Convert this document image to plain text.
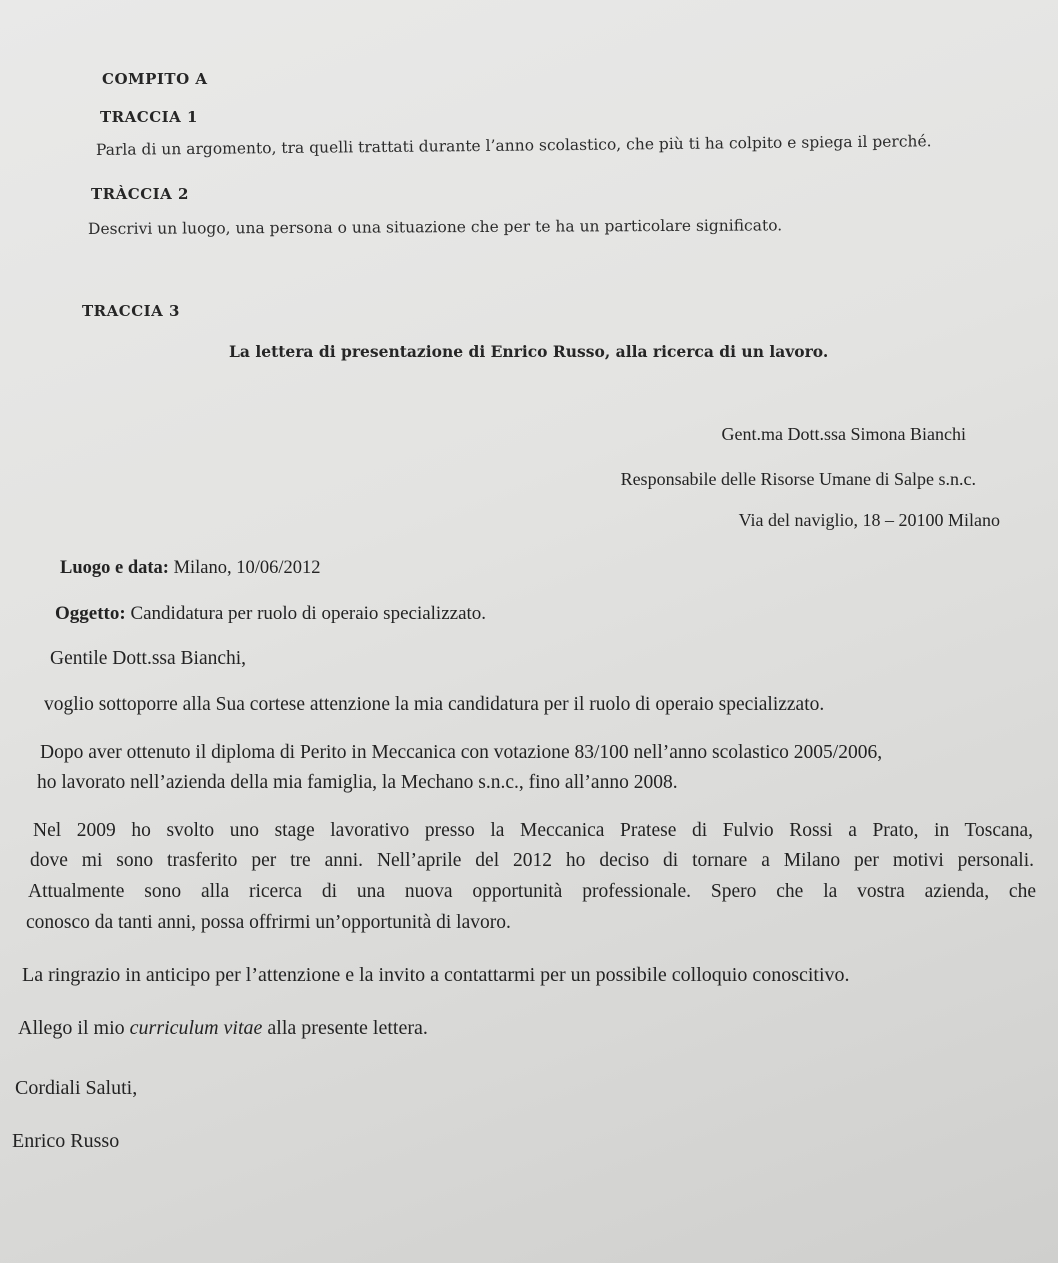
COMPITO A

TRACCIA 1

Parla di un argomento, tra quelli trattati durante l’anno scolastico, che più ti ha colpito e spiega il perché.

TRÀCCIA 2

Descrivi un luogo, una persona o una situazione che per te ha un particolare significato.

TRACCIA 3

La lettera di presentazione di Enrico Russo, alla ricerca di un lavoro.

Gent.ma Dott.ssa Simona Bianchi

Responsabile delle Risorse Umane di Salpe s.n.c.

Via del naviglio, 18 – 20100 Milano

Luogo e data: Milano, 10/06/2012

Oggetto: Candidatura per ruolo di operaio specializzato.

Gentile Dott.ssa Bianchi,

voglio sottoporre alla Sua cortese attenzione la mia candidatura per il ruolo di operaio specializzato.

Dopo aver ottenuto il diploma di Perito in Meccanica con votazione 83/100 nell’anno scolastico 2005/2006,

ho lavorato nell’azienda della mia famiglia, la Mechano s.n.c., fino all’anno 2008.

Nel 2009 ho svolto uno stage lavorativo presso la Meccanica Pratese di Fulvio Rossi a Prato, in Toscana,

dove mi sono trasferito per tre anni. Nell’aprile del 2012 ho deciso di tornare a Milano per motivi personali.

Attualmente sono alla ricerca di una nuova opportunità professionale. Spero che la vostra azienda, che

conosco da tanti anni, possa offrirmi un’opportunità di lavoro.

La ringrazio in anticipo per l’attenzione e la invito a contattarmi per un possibile colloquio conoscitivo.

Allego il mio curriculum vitae alla presente lettera.

Cordiali Saluti,

Enrico Russo
